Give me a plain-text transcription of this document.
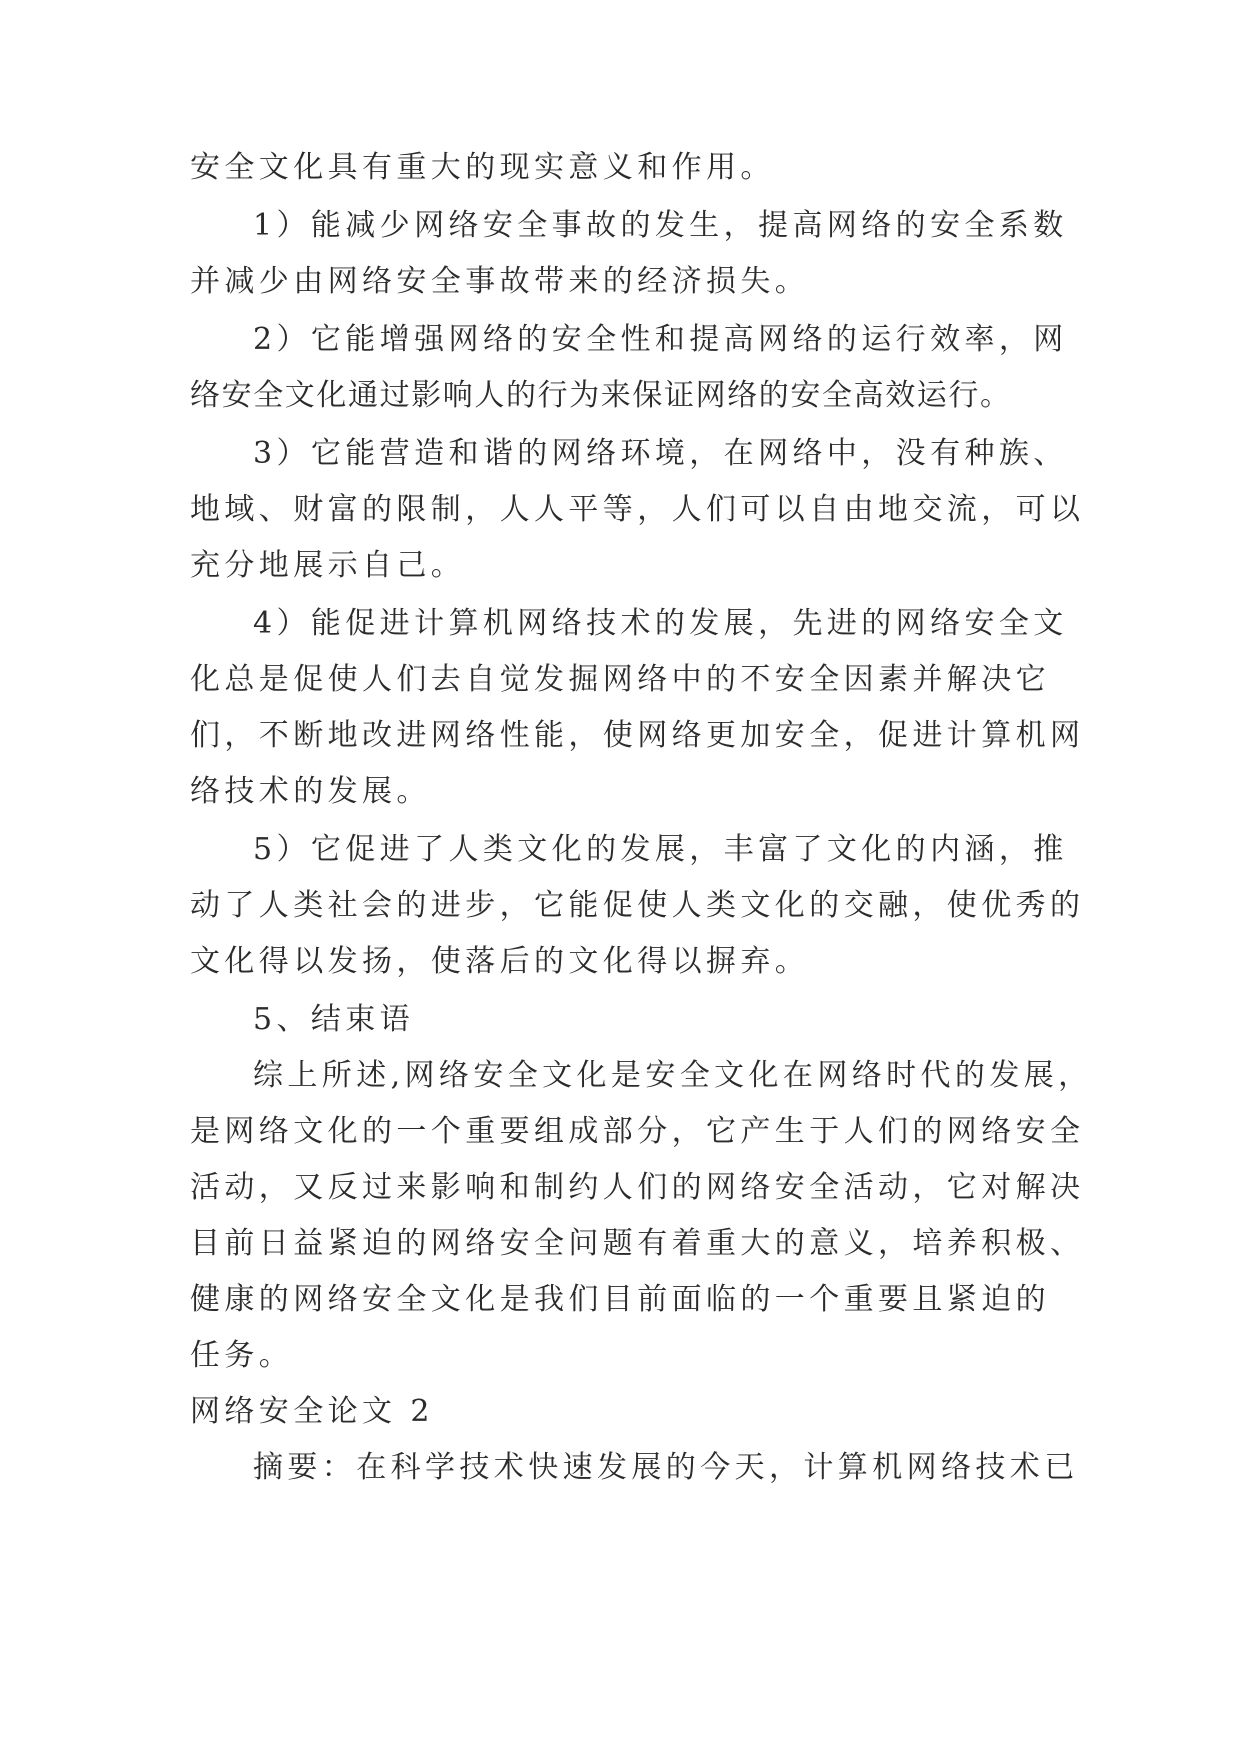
安全文化具有重大的现实意义和作用。
1）能减少网络安全事故的发生，提高网络的安全系数
并减少由网络安全事故带来的经济损失。
2）它能增强网络的安全性和提高网络的运行效率，网
络安全文化通过影响人的行为来保证网络的安全高效运行。
3）它能营造和谐的网络环境，在网络中，没有种族、
地域、财富的限制，人人平等，人们可以自由地交流，可以
充分地展示自己。
4）能促进计算机网络技术的发展，先进的网络安全文
化总是促使人们去自觉发掘网络中的不安全因素并解决它
们，不断地改进网络性能，使网络更加安全，促进计算机网
络技术的发展。
5）它促进了人类文化的发展，丰富了文化的内涵，推
动了人类社会的进步，它能促使人类文化的交融，使优秀的
文化得以发扬，使落后的文化得以摒弃。
5、结束语
综上所述,网络安全文化是安全文化在网络时代的发展，
是网络文化的一个重要组成部分，它产生于人们的网络安全
活动，又反过来影响和制约人们的网络安全活动，它对解决
目前日益紧迫的网络安全问题有着重大的意义，培养积极、
健康的网络安全文化是我们目前面临的一个重要且紧迫的
任务。
网络安全论文 2
摘要：在科学技术快速发展的今天，计算机网络技术已
